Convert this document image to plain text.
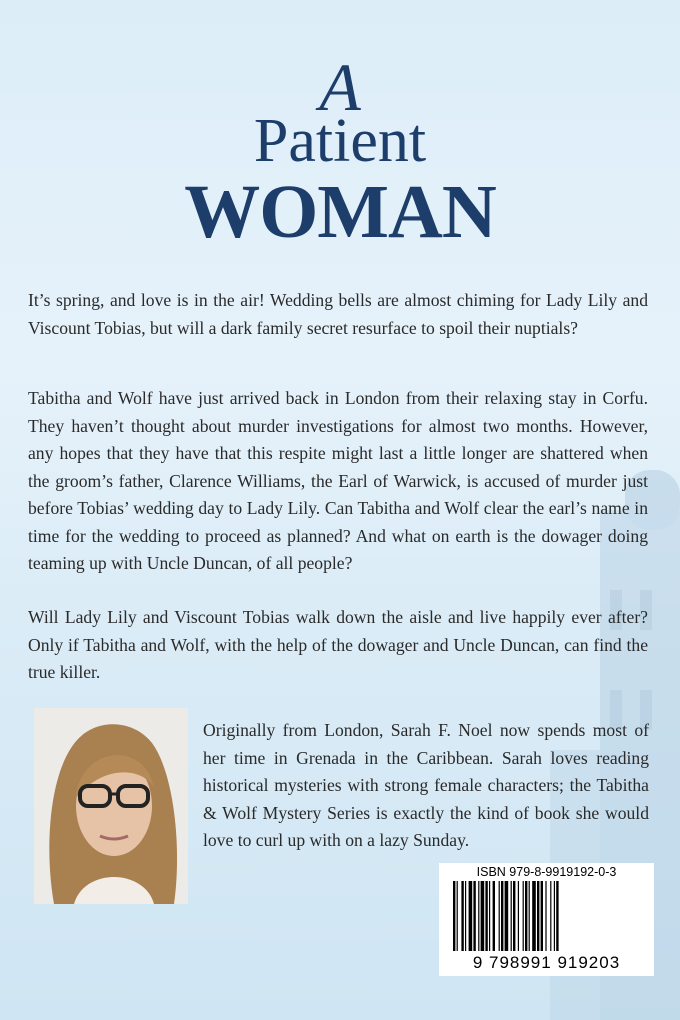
A
Patient
WOMAN

It’s spring, and love is in the air! Wedding bells are almost chiming for Lady Lily and Viscount Tobias, but will a dark family secret resurface to spoil their nuptials?

Tabitha and Wolf have just arrived back in London from their relaxing stay in Corfu. They haven’t thought about murder investigations for almost two months. However, any hopes that they have that this respite might last a little longer are shattered when the groom’s father, Clarence Williams, the Earl of Warwick, is accused of murder just before Tobias’ wedding day to Lady Lily. Can Tabitha and Wolf clear the earl’s name in time for the wedding to proceed as planned? And what on earth is the dowager doing teaming up with Uncle Duncan, of all people?

Will Lady Lily and Viscount Tobias walk down the aisle and live happily ever after? Only if Tabitha and Wolf, with the help of the dowager and Uncle Duncan, can find the true killer.

Originally from London, Sarah F. Noel now spends most of her time in Grenada in the Caribbean. Sarah loves reading historical mysteries with strong female characters; the Tabitha & Wolf Mystery Series is exactly the kind of book she would love to curl up with on a lazy Sunday.

ISBN 979-8-9919192-0-3
9 798991 919203
